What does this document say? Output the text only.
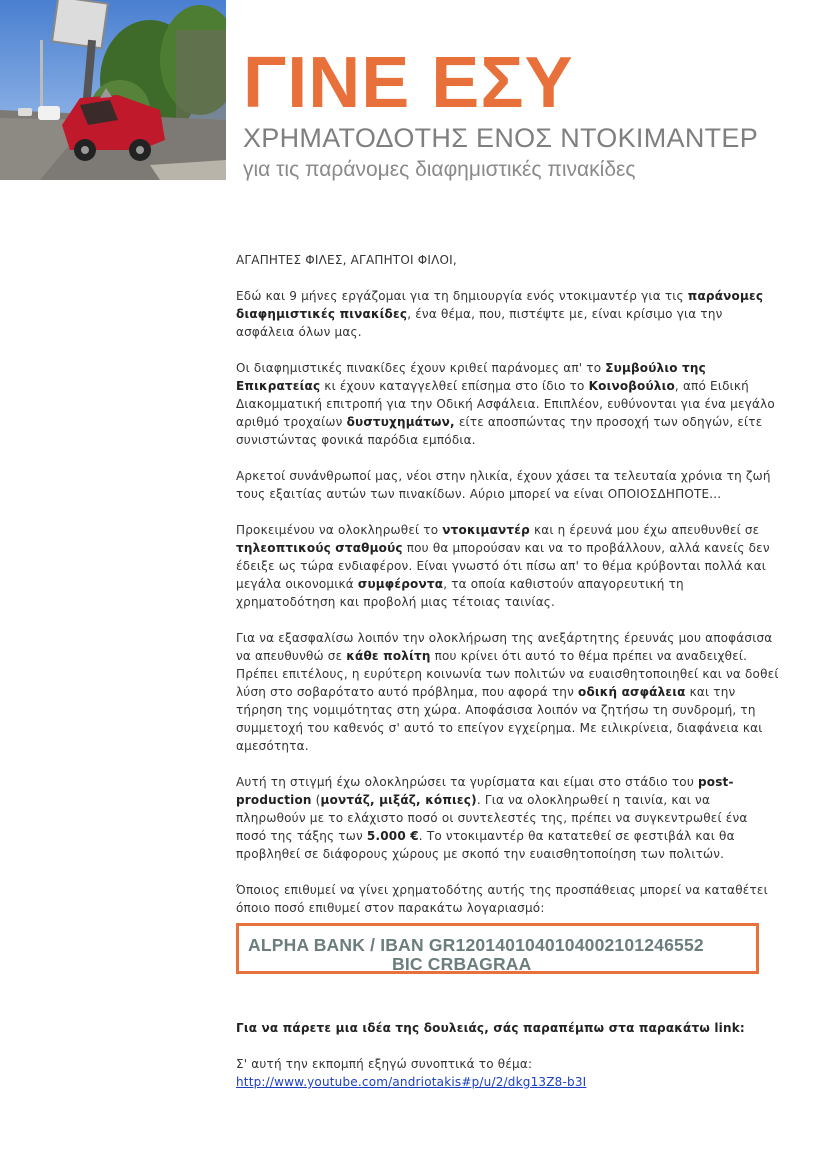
ΓΙΝΕ ΕΣΥ
ΧΡΗΜΑΤΟΔΟΤΗΣ ΕΝΟΣ ΝΤΟΚΙΜΑΝΤΕΡ
για τις παράνομες διαφημιστικές πινακίδες

ΑΓΑΠΗΤΕΣ ΦΙΛΕΣ, ΑΓΑΠΗΤΟΙ ΦΙΛΟΙ,

Εδώ και 9 μήνες εργάζομαι για τη δημιουργία ενός ντοκιμαντέρ για τις παράνομες διαφημιστικές πινακίδες, ένα θέμα, που, πιστέψτε με, είναι κρίσιμο για την ασφάλεια όλων μας.

Οι διαφημιστικές πινακίδες έχουν κριθεί παράνομες απ' το Συμβούλιο της Επικρατείας κι έχουν καταγγελθεί επίσημα στο ίδιο το Κοινοβούλιο, από Ειδική Διακομματική επιτροπή για την Οδική Ασφάλεια. Επιπλέον, ευθύνονται για ένα μεγάλο αριθμό τροχαίων δυστυχημάτων, είτε αποσπώντας την προσοχή των οδηγών, είτε συνιστώντας φονικά παρόδια εμπόδια.

Αρκετοί συνάνθρωποί μας, νέοι στην ηλικία, έχουν χάσει τα τελευταία χρόνια τη ζωή τους εξαιτίας αυτών των πινακίδων. Αύριο μπορεί να είναι ΟΠΟΙΟΣΔΗΠΟΤΕ...

Προκειμένου να ολοκληρωθεί το ντοκιμαντέρ και η έρευνά μου έχω απευθυνθεί σε τηλεοπτικούς σταθμούς που θα μπορούσαν και να το προβάλλουν, αλλά κανείς δεν έδειξε ως τώρα ενδιαφέρον. Είναι γνωστό ότι πίσω απ' το θέμα κρύβονται πολλά και μεγάλα οικονομικά συμφέροντα, τα οποία καθιστούν απαγορευτική τη χρηματοδότηση και προβολή μιας τέτοιας ταινίας.

Για να εξασφαλίσω λοιπόν την ολοκλήρωση της ανεξάρτητης έρευνάς μου αποφάσισα να απευθυνθώ σε κάθε πολίτη που κρίνει ότι αυτό το θέμα πρέπει να αναδειχθεί. Πρέπει επιτέλους, η ευρύτερη κοινωνία των πολιτών να ευαισθητοποιηθεί και να δοθεί λύση στο σοβαρότατο αυτό πρόβλημα, που αφορά την οδική ασφάλεια και την τήρηση της νομιμότητας στη χώρα. Αποφάσισα λοιπόν να ζητήσω τη συνδρομή, τη συμμετοχή του καθενός σ' αυτό το επείγον εγχείρημα. Με ειλικρίνεια, διαφάνεια και αμεσότητα.

Αυτή τη στιγμή έχω ολοκληρώσει τα γυρίσματα και είμαι στο στάδιο του post-production (μοντάζ, μιξάζ, κόπιες). Για να ολοκληρωθεί η ταινία, και να πληρωθούν με το ελάχιστο ποσό οι συντελεστές της, πρέπει να συγκεντρωθεί ένα ποσό της τάξης των 5.000 €. Το ντοκιμαντέρ θα κατατεθεί σε φεστιβάλ και θα προβληθεί σε διάφορους χώρους με σκοπό την ευαισθητοποίηση των πολιτών.

Όποιος επιθυμεί να γίνει χρηματοδότης αυτής της προσπάθειας μπορεί να καταθέτει όποιο ποσό επιθυμεί στον παρακάτω λογαριασμό:

ALPHA BANK / IBAN GR1201401040104002101246552
BIC CRBAGRAA
Για να πάρετε μια ιδέα της δουλειάς, σάς παραπέμπω στα παρακάτω link:
Σ' αυτή την εκπομπή εξηγώ συνοπτικά το θέμα:
http://www.youtube.com/andriotakis#p/u/2/dkg13Z8-b3I
